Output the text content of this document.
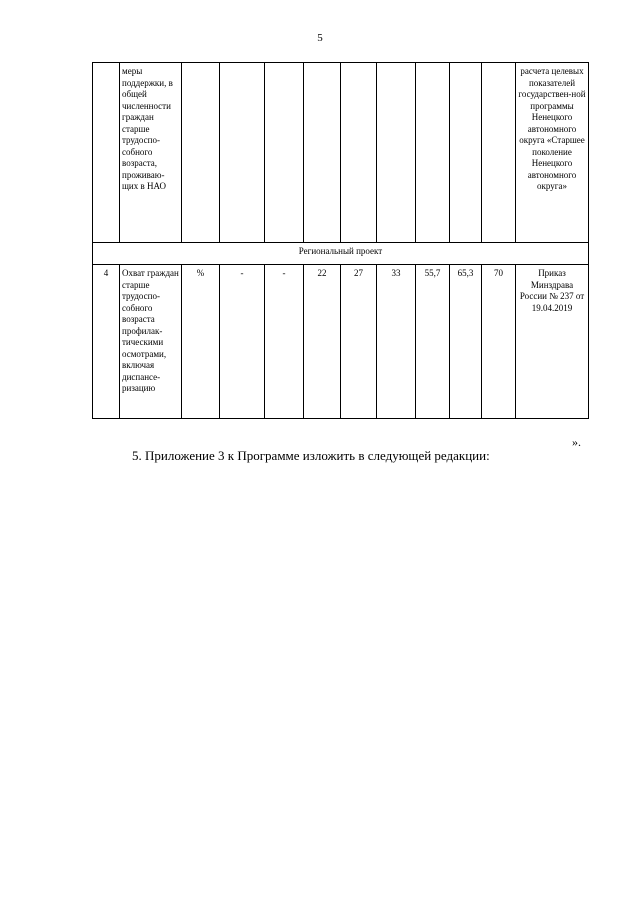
5
	меры поддержки, в общей численности граждан старше трудоспо-собного возраста, проживаю-щих в НАО										расчета целевых показателей государствен-ной программы Ненецкого автономного округа «Старшее поколение Ненецкого автономного округа»
Региональный проект											
4	Охват граждан старше трудоспо-собного возраста профилак-тическими осмотрами, включая диспансе-ризацию	%	-	-	22	27	33	55,7	65,3	70	Приказ Минздрава России № 237 от 19.04.2019
».
5. Приложение 3 к Программе изложить в следующей редакции:
